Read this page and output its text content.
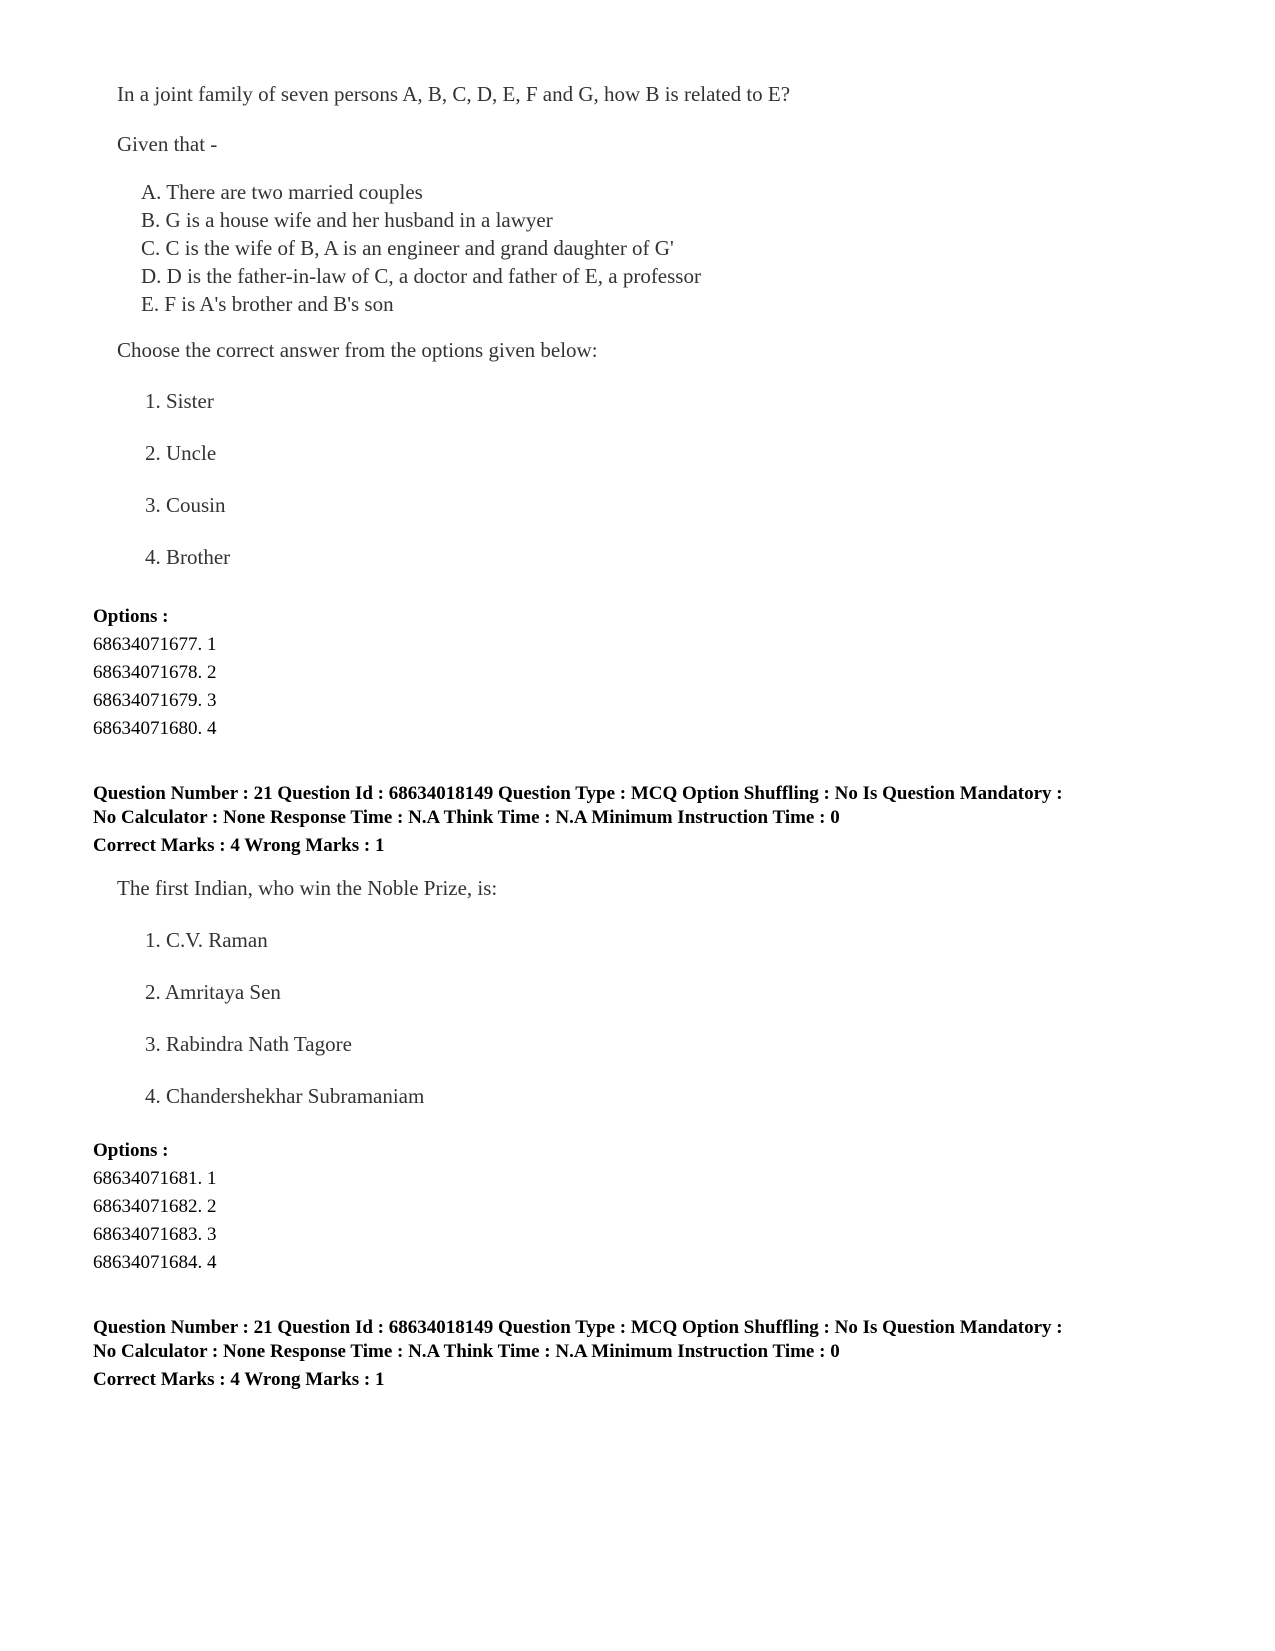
In a joint family of seven persons A, B, C, D, E, F and G, how B is related to E?
Given that -
A. There are two married couples
B. G is a house wife and her husband in a lawyer
C. C is the wife of B, A is an engineer and grand daughter of G'
D. D is the father-in-law of C, a doctor and father of E, a professor
E. F is A's brother and B's son
Choose the correct answer from the options given below:
1. Sister
2. Uncle
3. Cousin
4. Brother
Options :
68634071677. 1
68634071678. 2
68634071679. 3
68634071680. 4
Question Number : 21 Question Id : 68634018149 Question Type : MCQ Option Shuffling : No Is Question Mandatory :
No Calculator : None Response Time : N.A Think Time : N.A Minimum Instruction Time : 0
Correct Marks : 4 Wrong Marks : 1
The first Indian, who win the Noble Prize, is:
1. C.V. Raman
2. Amritaya Sen
3. Rabindra Nath Tagore
4. Chandershekhar Subramaniam
Options :
68634071681. 1
68634071682. 2
68634071683. 3
68634071684. 4
Question Number : 21 Question Id : 68634018149 Question Type : MCQ Option Shuffling : No Is Question Mandatory :
No Calculator : None Response Time : N.A Think Time : N.A Minimum Instruction Time : 0
Correct Marks : 4 Wrong Marks : 1
